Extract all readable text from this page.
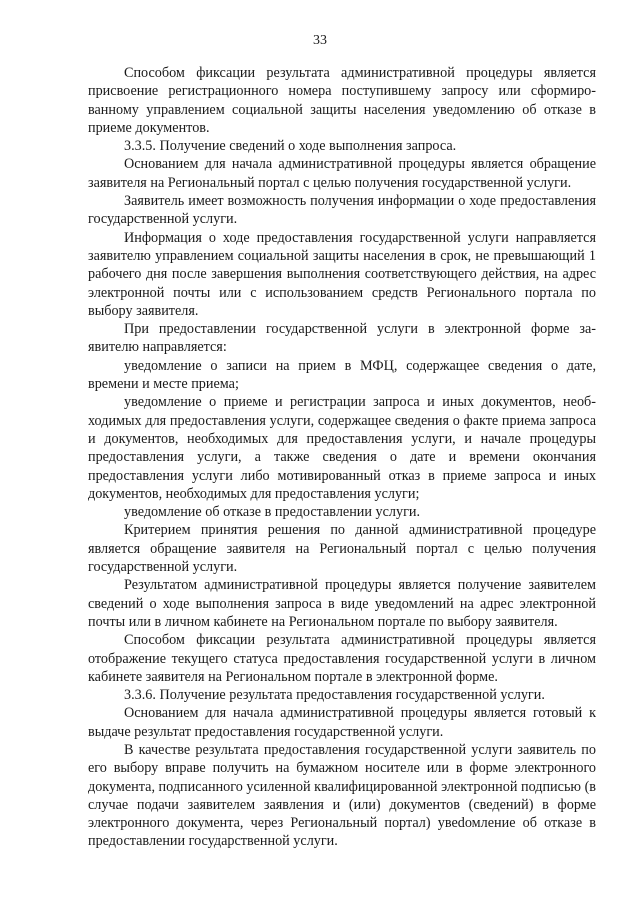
33

Способом фиксации результата административной процедуры является присвоение регистрационного номера поступившему запросу или сформированному управлением социальной защиты населения уведомлению об отказе в приеме документов.

3.3.5. Получение сведений о ходе выполнения запроса.

Основанием для начала административной процедуры является обращение заявителя на Региональный портал с целью получения государственной услуги.

Заявитель имеет возможность получения информации о ходе предоставления государственной услуги.

Информация о ходе предоставления государственной услуги направляется заявителю управлением социальной защиты населения в срок, не превышающий 1 рабочего дня после завершения выполнения соответствующего действия, на адрес электронной почты или с использованием средств Регионального портала по выбору заявителя.

При предоставлении государственной услуги в электронной форме заявителю направляется:

уведомление о записи на прием в МФЦ, содержащее сведения о дате, времени и месте приема;

уведомление о приеме и регистрации запроса и иных документов, необходимых для предоставления услуги, содержащее сведения о факте приема запроса и документов, необходимых для предоставления услуги, и начале процедуры предоставления услуги, а также сведения о дате и времени окончания предоставления услуги либо мотивированный отказ в приеме запроса и иных документов, необходимых для предоставления услуги;

уведомление об отказе в предоставлении услуги.

Критерием принятия решения по данной административной процедуре является обращение заявителя на Региональный портал с целью получения государственной услуги.

Результатом административной процедуры является получение заявителем сведений о ходе выполнения запроса в виде уведомлений на адрес электронной почты или в личном кабинете на Региональном портале по выбору заявителя.

Способом фиксации результата административной процедуры является отображение текущего статуса предоставления государственной услуги в личном кабинете заявителя на Региональном портале в электронной форме.

3.3.6. Получение результата предоставления государственной услуги.

Основанием для начала административной процедуры является готовый к выдаче результат предоставления государственной услуги.

В качестве результата предоставления государственной услуги заявитель по его выбору вправе получить на бумажном носителе или в форме электронного документа, подписанного усиленной квалифицированной электронной подписью (в случае подачи заявителем заявления и (или) документов (сведений) в форме электронного документа, через Региональный портал) увеdомление об отказе в предоставлении государственной услуги.
